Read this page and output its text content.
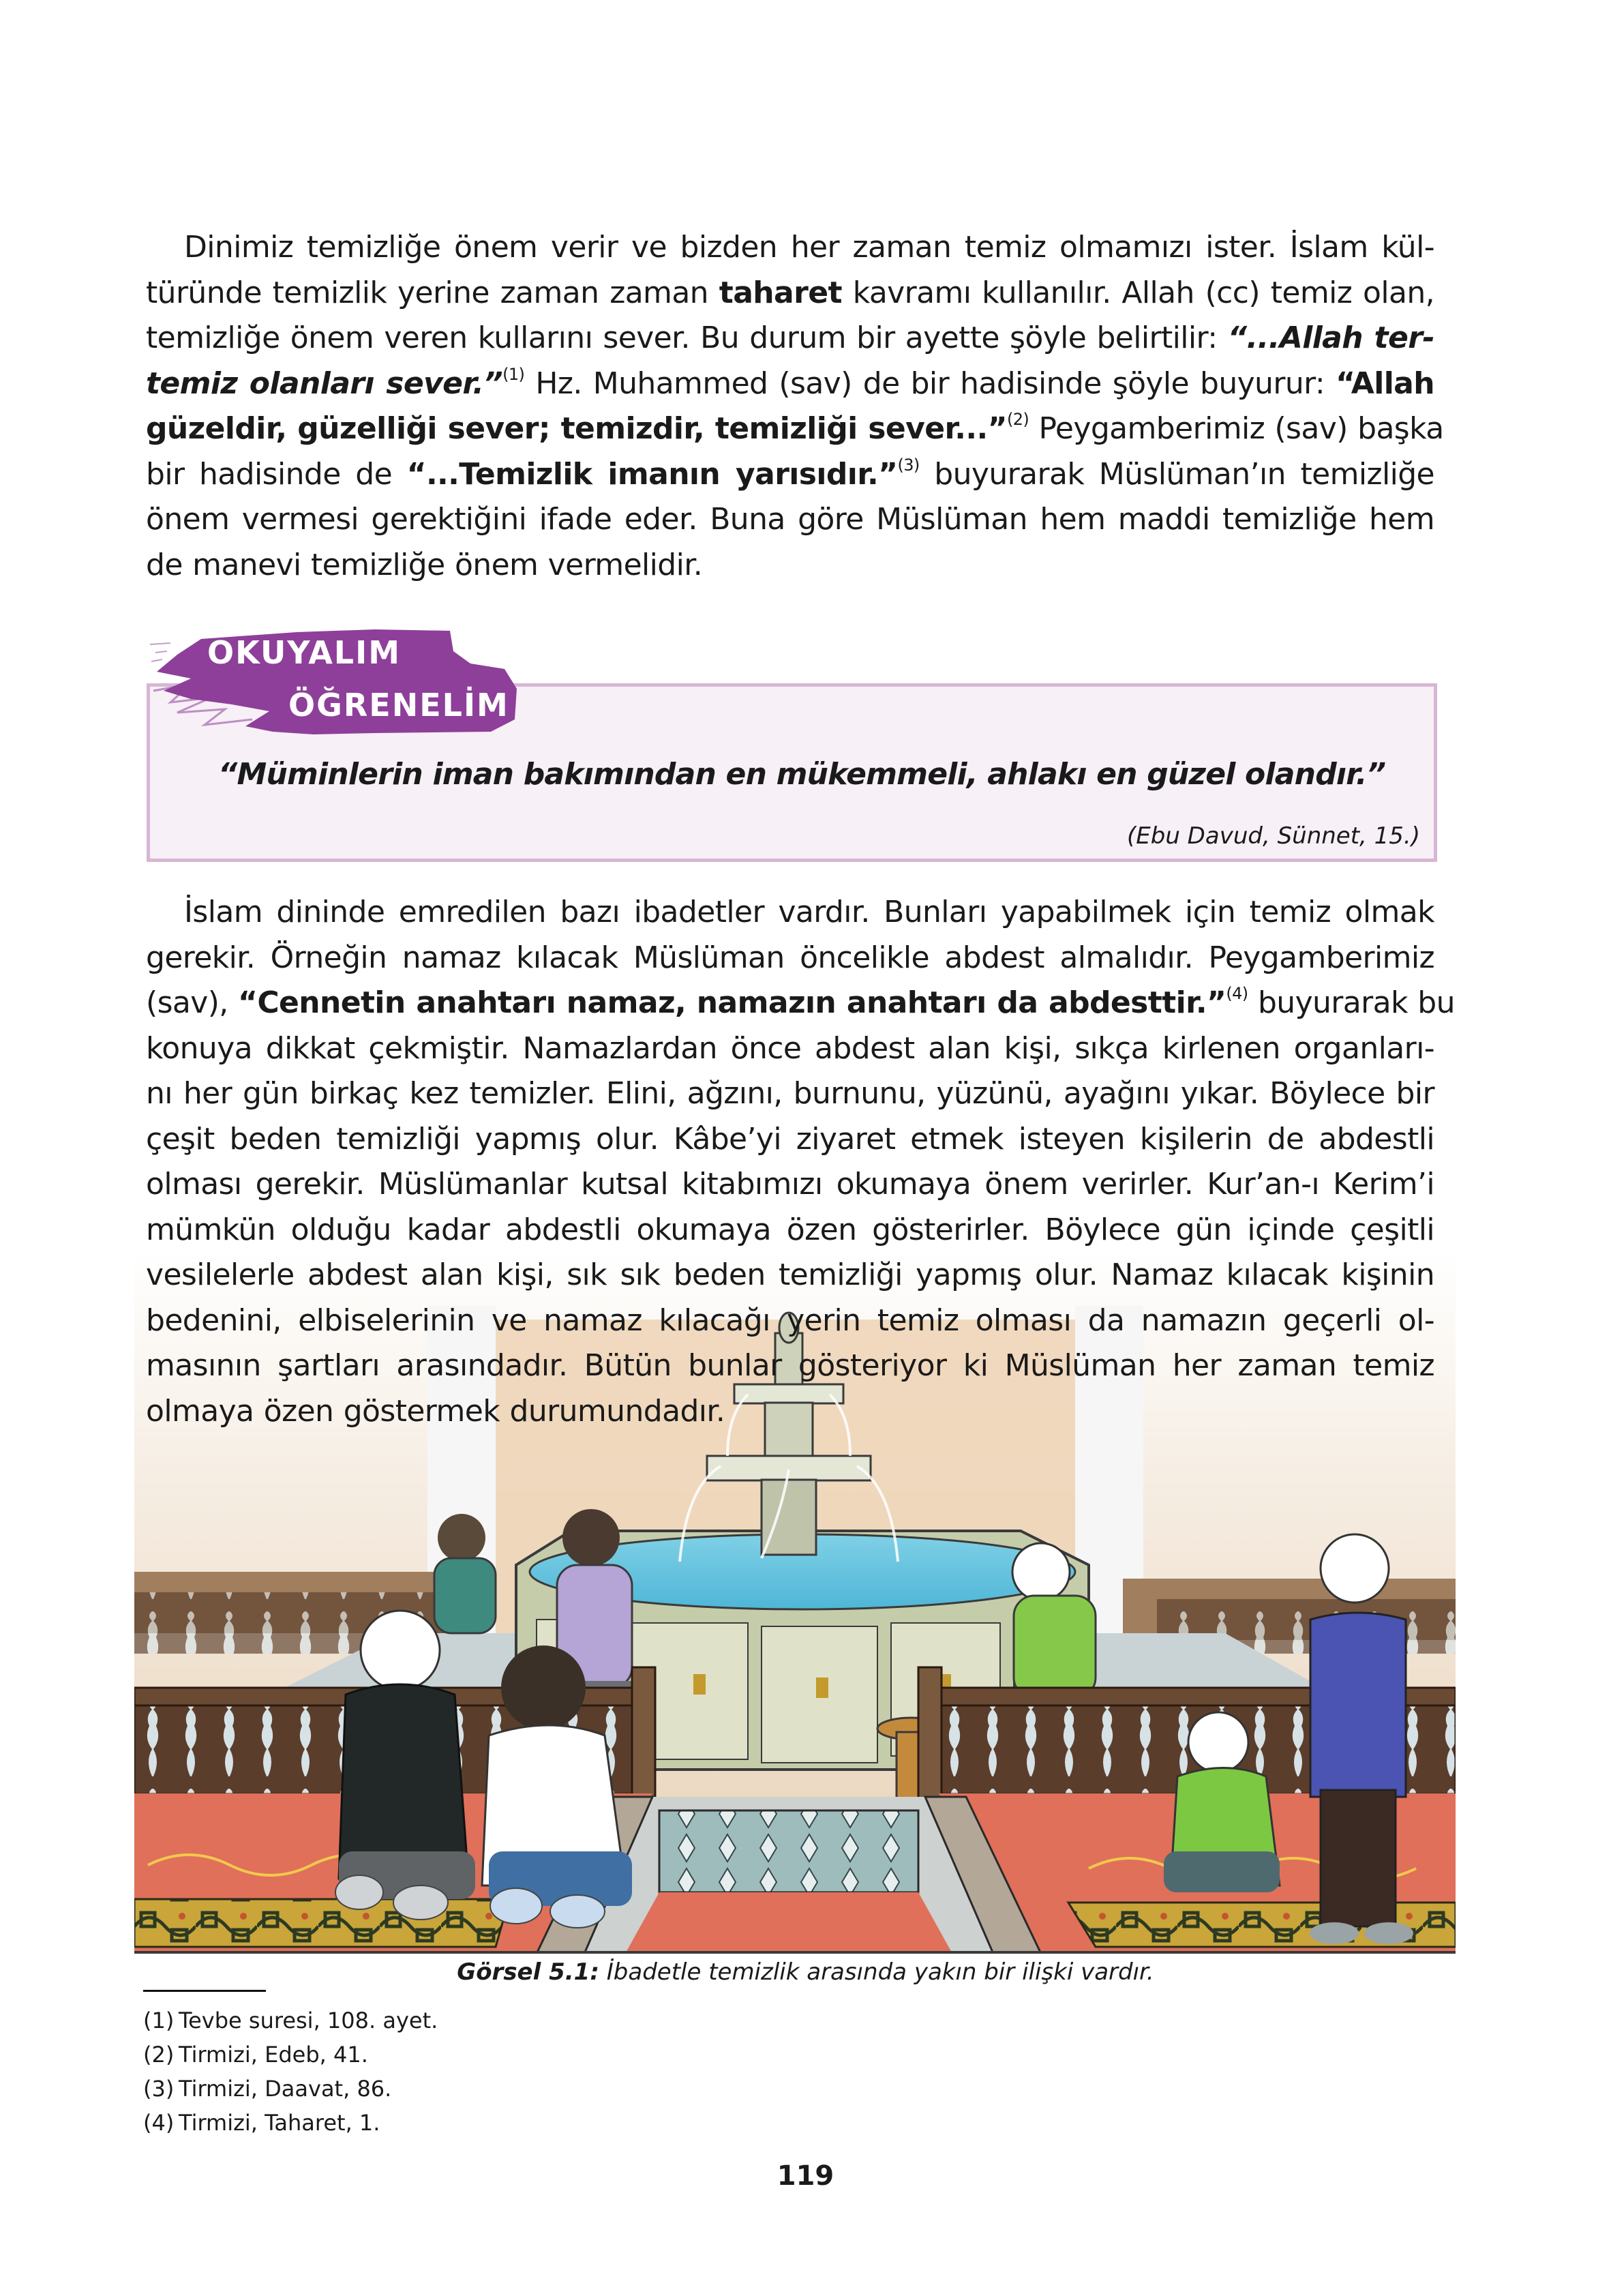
Dinimiz temizliğe önem verir ve bizden her zaman temiz olmamızı ister. İslam kül-
türünde temizlik yerine zaman zaman taharet kavramı kullanılır. Allah (cc) temiz olan,
temizliğe önem veren kullarını sever. Bu durum bir ayette şöyle belirtilir: “...Allah ter-
temiz olanları sever.”$^{(1)}$ Hz. Muhammed (sav) de bir hadisinde şöyle buyurur: “Allah
güzeldir, güzelliği sever; temizdir, temizliği sever...”$^{(2)}$ Peygamberimiz (sav) başka
bir hadisinde de “...Temizlik imanın yarısıdır.”$^{(3)}$ buyurarak Müslüman’ın temizliğe
önem vermesi gerektiğini ifade eder. Buna göre Müslüman hem maddi temizliğe hem
de manevi temizliğe önem vermelidir.
OKUYALIM
ÖĞRENELİM
“Müminlerin iman bakımından en mükemmeli, ahlakı en güzel olandır.”
(Ebu Davud, Sünnet, 15.)
İslam dininde emredilen bazı ibadetler vardır. Bunları yapabilmek için temiz olmak
gerekir. Örneğin namaz kılacak Müslüman öncelikle abdest almalıdır. Peygamberimiz
(sav), “Cennetin anahtarı namaz, namazın anahtarı da abdesttir.”$^{(4)}$ buyurarak bu
konuya dikkat çekmiştir. Namazlardan önce abdest alan kişi, sıkça kirlenen organları-
nı her gün birkaç kez temizler. Elini, ağzını, burnunu, yüzünü, ayağını yıkar. Böylece bir
çeşit beden temizliği yapmış olur. Kâbe’yi ziyaret etmek isteyen kişilerin de abdestli
olması gerekir. Müslümanlar kutsal kitabımızı okumaya önem verirler. Kur’an-ı Kerim’i
mümkün olduğu kadar abdestli okumaya özen gösterirler. Böylece gün içinde çeşitli
vesilelerle abdest alan kişi, sık sık beden temizliği yapmış olur. Namaz kılacak kişinin
bedenini, elbiselerinin ve namaz kılacağı yerin temiz olması da namazın geçerli ol-
masının şartları arasındadır. Bütün bunlar gösteriyor ki Müslüman her zaman temiz
olmaya özen göstermek durumundadır.
Görsel 5.1: İbadetle temizlik arasında yakın bir ilişki vardır.
(1) Tevbe suresi, 108. ayet.
(2) Tirmizi, Edeb, 41.
(3) Tirmizi, Daavat, 86.
(4) Tirmizi, Taharet, 1.
119
